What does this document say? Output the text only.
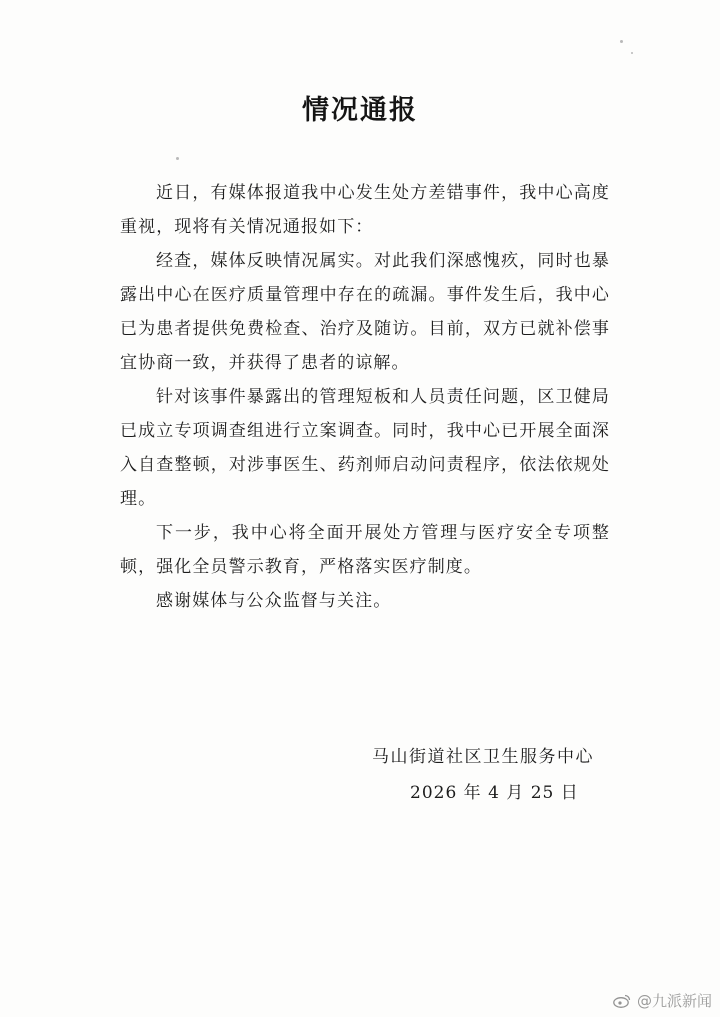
情况通报

近日，有媒体报道我中心发生处方差错事件，我中心高度重视，现将有关情况通报如下：

经查，媒体反映情况属实。对此我们深感愧疚，同时也暴露出中心在医疗质量管理中存在的疏漏。事件发生后，我中心已为患者提供免费检查、治疗及随访。目前，双方已就补偿事宜协商一致，并获得了患者的谅解。

针对该事件暴露出的管理短板和人员责任问题，区卫健局已成立专项调查组进行立案调查。同时，我中心已开展全面深入自查整顿，对涉事医生、药剂师启动问责程序，依法依规处理。

下一步，我中心将全面开展处方管理与医疗安全专项整顿，强化全员警示教育，严格落实医疗制度。

感谢媒体与公众监督与关注。

马山街道社区卫生服务中心
2026 年 4 月 25 日
@九派新闻
